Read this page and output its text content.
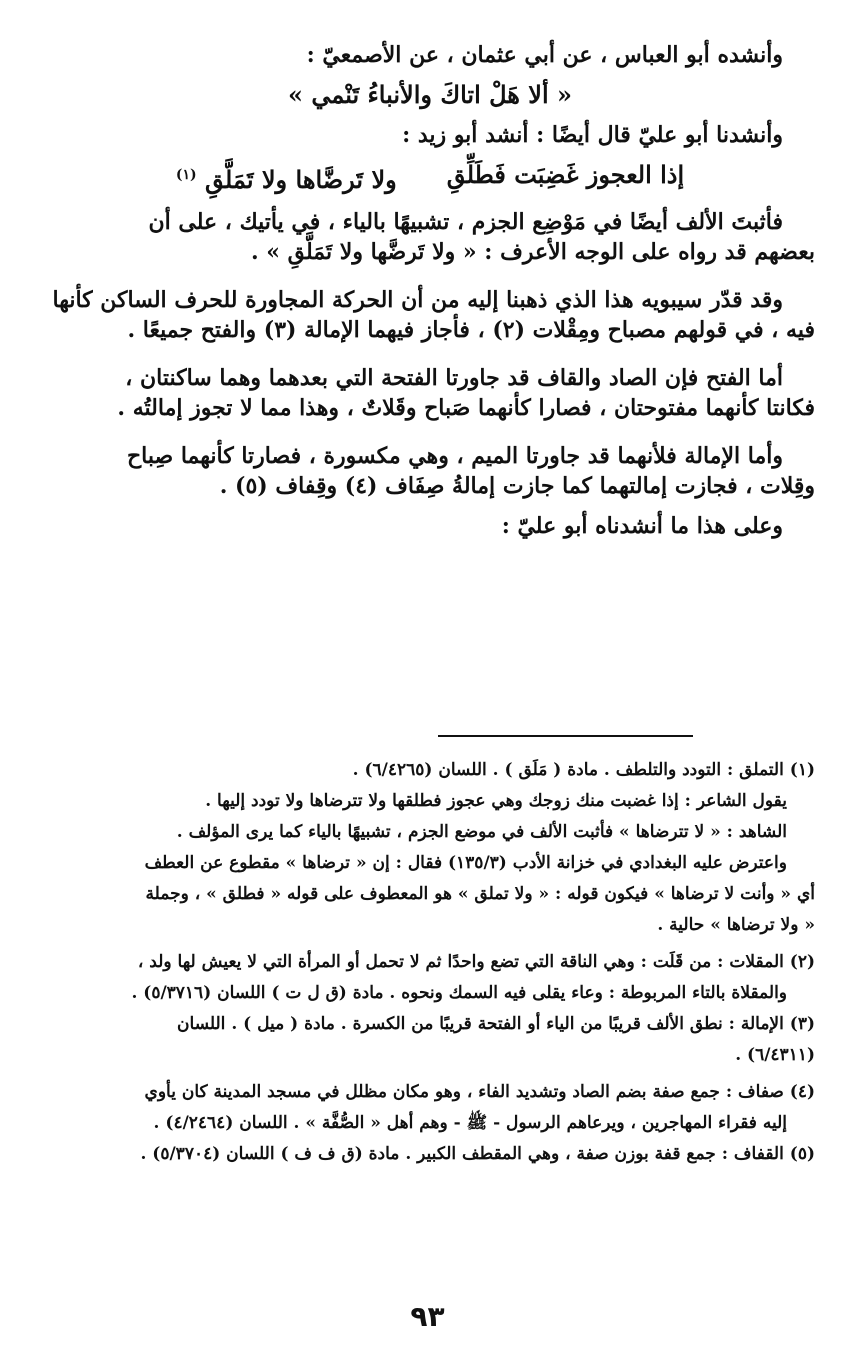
وأنشده أبو العباس ، عن أبي عثمان ، عن الأصمعيّ :
« ألا هَلْ اتاكَ والأنباءُ تَنْمي »
وأنشدنا أبو عليّ قال أيضًا : أنشد أبو زيد :
إذا العجوز غَضِبَت فَطَلِّقِ
ولا تَرضَّاها ولا تَمَلَّقِ $^{(١)}$
فأثبتَ الألف أيضًا في مَوْضِع الجزم ، تشبيهًا بالياء ، في يأتيك ، على أن
بعضهم قد رواه على الوجه الأعرف : « ولا تَرضَّها ولا تَمَلَّقِ » .
وقد قدّر سيبويه هذا الذي ذهبنا إليه من أن الحركة المجاورة للحرف الساكن كأنها
فيه ، في قولهم مصباح ومِقْلات (٢) ، فأجاز فيهما الإمالة (٣) والفتح جميعًا .
أما الفتح فإن الصاد والقاف قد جاورتا الفتحة التي بعدهما وهما ساكنتان ،
فكانتا كأنهما مفتوحتان ، فصارا كأنهما صَباح وقَلاتٌ ، وهذا مما لا تجوز إمالتُه .
وأما الإمالة فلأنهما قد جاورتا الميم ، وهي مكسورة ، فصارتا كأنهما صِباح
وقِلات ، فجازت إمالتهما كما جازت إمالةُ صِفَاف (٤) وقِفاف (٥) .
وعلى هذا ما أنشدناه أبو عليّ :
(١) التملق : التودد والتلطف . مادة ( مَلَق ) . اللسان (٦/٤٢٦٥) .
يقول الشاعر : إذا غضبت منك زوجك وهي عجوز فطلقها ولا تترضاها ولا تودد إليها .
الشاهد : « لا تترضاها » فأثبت الألف في موضع الجزم ، تشبيهًا بالياء كما يرى المؤلف .
واعترض عليه البغدادي في خزانة الأدب (١٣٥/٣) فقال : إن « ترضاها » مقطوع عن العطف
أي « وأنت لا ترضاها » فيكون قوله : « ولا تملق » هو المعطوف على قوله « فطلق » ، وجملة
« ولا ترضاها » حالية .
(٢) المقلات : من قَلَت : وهي الناقة التي تضع واحدًا ثم لا تحمل أو المرأة التي لا يعيش لها ولد ،
والمقلاة بالتاء المربوطة : وعاء يقلى فيه السمك ونحوه . مادة (ق ل ت ) اللسان (٥/٣٧١٦) .
(٣) الإمالة : نطق الألف قريبًا من الياء أو الفتحة قريبًا من الكسرة . مادة ( ميل ) . اللسان
(٦/٤٣١١) .
(٤) صفاف : جمع صفة بضم الصاد وتشديد الفاء ، وهو مكان مظلل في مسجد المدينة كان يأوي
إليه فقراء المهاجرين ، ويرعاهم الرسول - ﷺ - وهم أهل « الصُّفَّة » . اللسان (٤/٢٤٦٤) .
(٥) القفاف : جمع قفة بوزن صفة ، وهي المقطف الكبير . مادة (ق ف ف ) اللسان (٥/٣٧٠٤) .
٩٣
